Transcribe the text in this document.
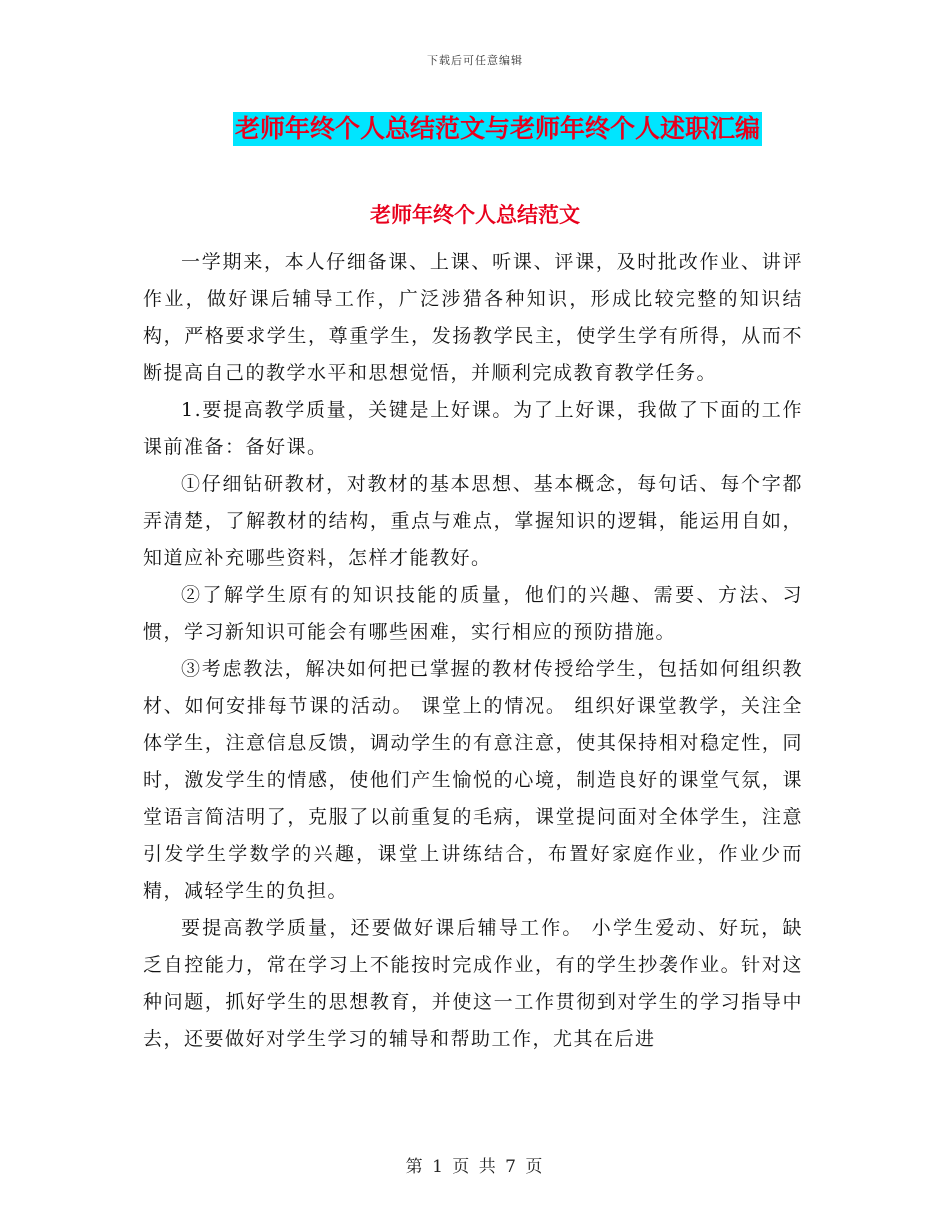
下载后可任意编辑
老师年终个人总结范文与老师年终个人述职汇编
老师年终个人总结范文

一学期来，本人仔细备课、上课、听课、评课，及时批改作业、讲评作业，做好课后辅导工作，广泛涉猎各种知识，形成比较完整的知识结构，严格要求学生，尊重学生，发扬教学民主，使学生学有所得，从而不断提高自己的教学水平和思想觉悟，并顺利完成教育教学任务。

1.要提高教学质量，关键是上好课。为了上好课，我做了下面的工作 课前准备：备好课。

①仔细钻研教材，对教材的基本思想、基本概念，每句话、每个字都弄清楚，了解教材的结构，重点与难点，掌握知识的逻辑，能运用自如，知道应补充哪些资料，怎样才能教好。

②了解学生原有的知识技能的质量，他们的兴趣、需要、方法、习惯，学习新知识可能会有哪些困难，实行相应的预防措施。

③考虑教法，解决如何把已掌握的教材传授给学生，包括如何组织教材、如何安排每节课的活动。 课堂上的情况。 组织好课堂教学，关注全体学生，注意信息反馈，调动学生的有意注意，使其保持相对稳定性，同时，激发学生的情感，使他们产生愉悦的心境，制造良好的课堂气氛，课堂语言简洁明了，克服了以前重复的毛病，课堂提问面对全体学生，注意引发学生学数学的兴趣，课堂上讲练结合，布置好家庭作业，作业少而精，减轻学生的负担。

要提高教学质量，还要做好课后辅导工作。 小学生爱动、好玩，缺乏自控能力，常在学习上不能按时完成作业，有的学生抄袭作业。针对这种问题，抓好学生的思想教育，并使这一工作贯彻到对学生的学习指导中去，还要做好对学生学习的辅导和帮助工作，尤其在后进

第 1 页 共 7 页
